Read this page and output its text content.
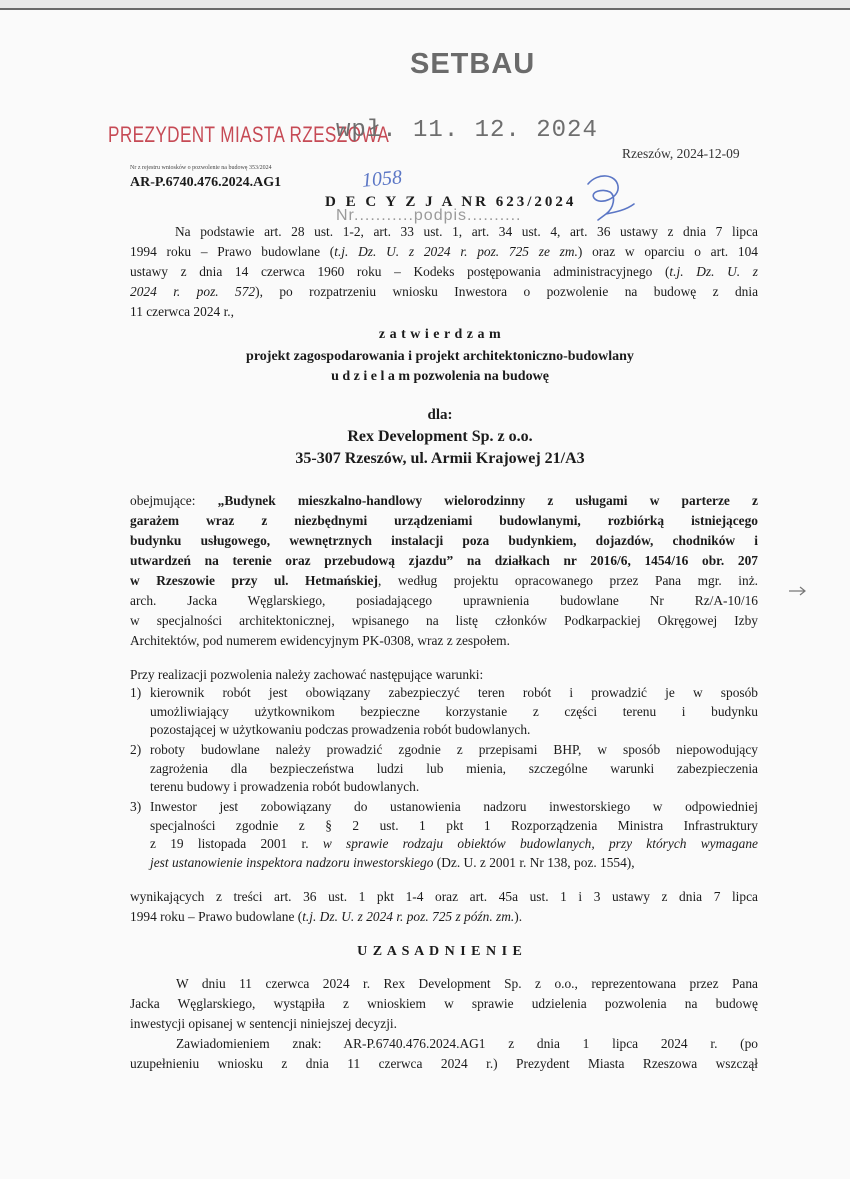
SETBAU
PREZYDENT MIASTA RZESZOWA
wpł. 11. 12. 2024
Rzeszów, 2024-12-09
Nr z rejestru wniosków o pozwolenie na budowę 353/2024
AR-P.6740.476.2024.AG1	1058
D E C Y Z J A NR 623/2024
Nr...........podpis..........
Na podstawie art. 28 ust. 1-2, art. 33 ust. 1, art. 34 ust. 4, art. 36 ustawy z dnia 7 lipca
1994 roku – Prawo budowlane (t.j. Dz. U. z 2024 r. poz. 725 ze zm.) oraz w oparciu o art. 104
ustawy z dnia 14 czerwca 1960 roku – Kodeks postępowania administracyjnego (t.j. Dz. U. z
2024 r. poz. 572), po rozpatrzeniu wniosku Inwestora o pozwolenie na budowę z dnia
11 czerwca 2024 r.,
z a t w i e r d z a m
projekt zagospodarowania i projekt architektoniczno-budowlany
u d z i e l a m pozwolenia na budowę
dla:
Rex Development Sp. z o.o.
35-307 Rzeszów, ul. Armii Krajowej 21/A3
obejmujące: „Budynek mieszkalno-handlowy wielorodzinny z usługami w parterze z
garażem wraz z niezbędnymi urządzeniami budowlanymi, rozbiórką istniejącego
budynku usługowego, wewnętrznych instalacji poza budynkiem, dojazdów, chodników i
utwardzeń na terenie oraz przebudową zjazdu” na działkach nr 2016/6, 1454/16 obr. 207
w Rzeszowie przy ul. Hetmańskiej, według projektu opracowanego przez Pana mgr. inż.
arch. Jacka Węglarskiego, posiadającego uprawnienia budowlane Nr Rz/A-10/16
w specjalności architektonicznej, wpisanego na listę członków Podkarpackiej Okręgowej Izby
Architektów, pod numerem ewidencyjnym PK-0308, wraz z zespołem.
Przy realizacji pozwolenia należy zachować następujące warunki:
1) kierownik robót jest obowiązany zabezpieczyć teren robót i prowadzić je w sposób
umożliwiający użytkownikom bezpieczne korzystanie z części terenu i budynku
pozostającej w użytkowaniu podczas prowadzenia robót budowlanych.
2) roboty budowlane należy prowadzić zgodnie z przepisami BHP, w sposób niepowodujący
zagrożenia dla bezpieczeństwa ludzi lub mienia, szczególne warunki zabezpieczenia
terenu budowy i prowadzenia robót budowlanych.
3) Inwestor jest zobowiązany do ustanowienia nadzoru inwestorskiego w odpowiedniej
specjalności zgodnie z § 2 ust. 1 pkt 1 Rozporządzenia Ministra Infrastruktury
z 19 listopada 2001 r. w sprawie rodzaju obiektów budowlanych, przy których wymagane
jest ustanowienie inspektora nadzoru inwestorskiego (Dz. U. z 2001 r. Nr 138, poz. 1554),
wynikających z treści art. 36 ust. 1 pkt 1-4 oraz art. 45a ust. 1 i 3 ustawy z dnia 7 lipca
1994 roku – Prawo budowlane (t.j. Dz. U. z 2024 r. poz. 725 z późn. zm.).
U Z A S A D N I E N I E
W dniu 11 czerwca 2024 r. Rex Development Sp. z o.o., reprezentowana przez Pana
Jacka Węglarskiego, wystąpiła z wnioskiem w sprawie udzielenia pozwolenia na budowę
inwestycji opisanej w sentencji niniejszej decyzji.
Zawiadomieniem znak: AR-P.6740.476.2024.AG1 z dnia 1 lipca 2024 r. (po
uzupełnieniu wniosku z dnia 11 czerwca 2024 r.) Prezydent Miasta Rzeszowa wszczął
